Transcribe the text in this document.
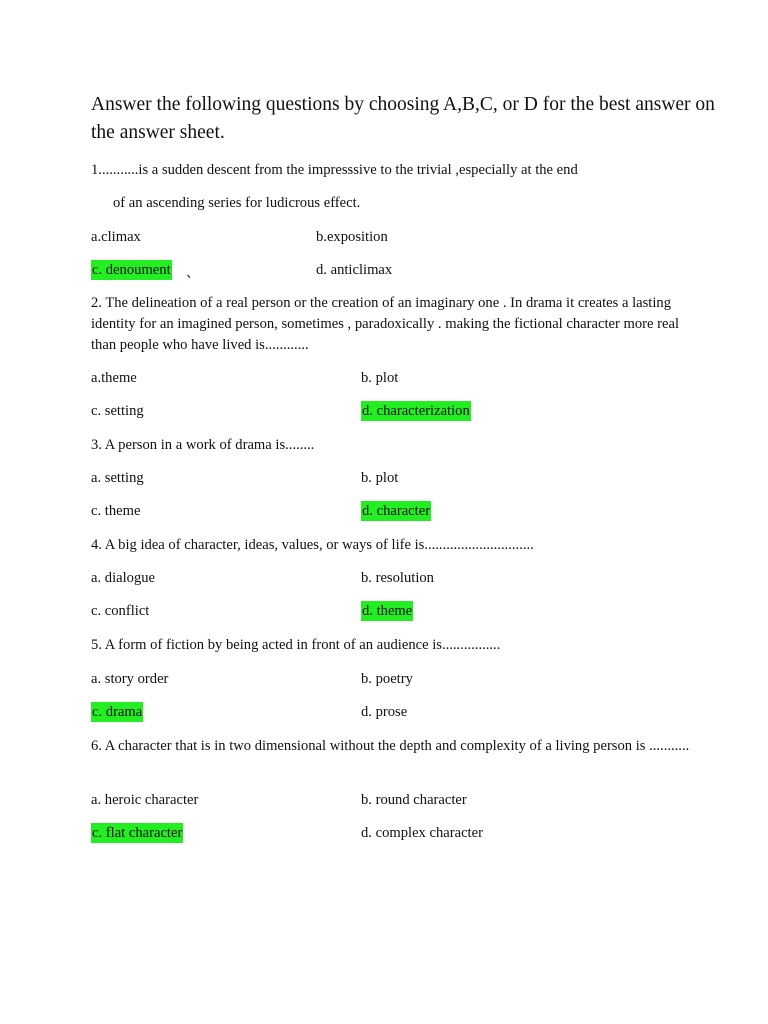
Answer the following questions by choosing A,B,C, or D for the best answer on the answer sheet.

1...........is a sudden descent from the impresssive to the trivial ,especially at the end

of an ascending series for ludicrous effect.

a.climax	b.exposition
c. denoument 、	d. anticlimax

2. The delineation of a real person or the creation of an imaginary one . In drama it creates a lasting identity for an imagined person, sometimes , paradoxically . making the fictional character more real than people who have lived is............

a.theme	b. plot
c. setting	d. characterization

3. A person in a work of drama is........

a. setting	b. plot
c. theme	d. character

4. A big idea of character, ideas, values, or ways of life is..............................

a. dialogue	b. resolution
c. conflict	d. theme

5. A form of fiction by being acted in front of an audience is................

a. story order	b. poetry
c. drama	d. prose

6. A character that is in two dimensional without the depth and complexity of a living person is ...........

a. heroic character	b. round character
c. flat character	d. complex character
